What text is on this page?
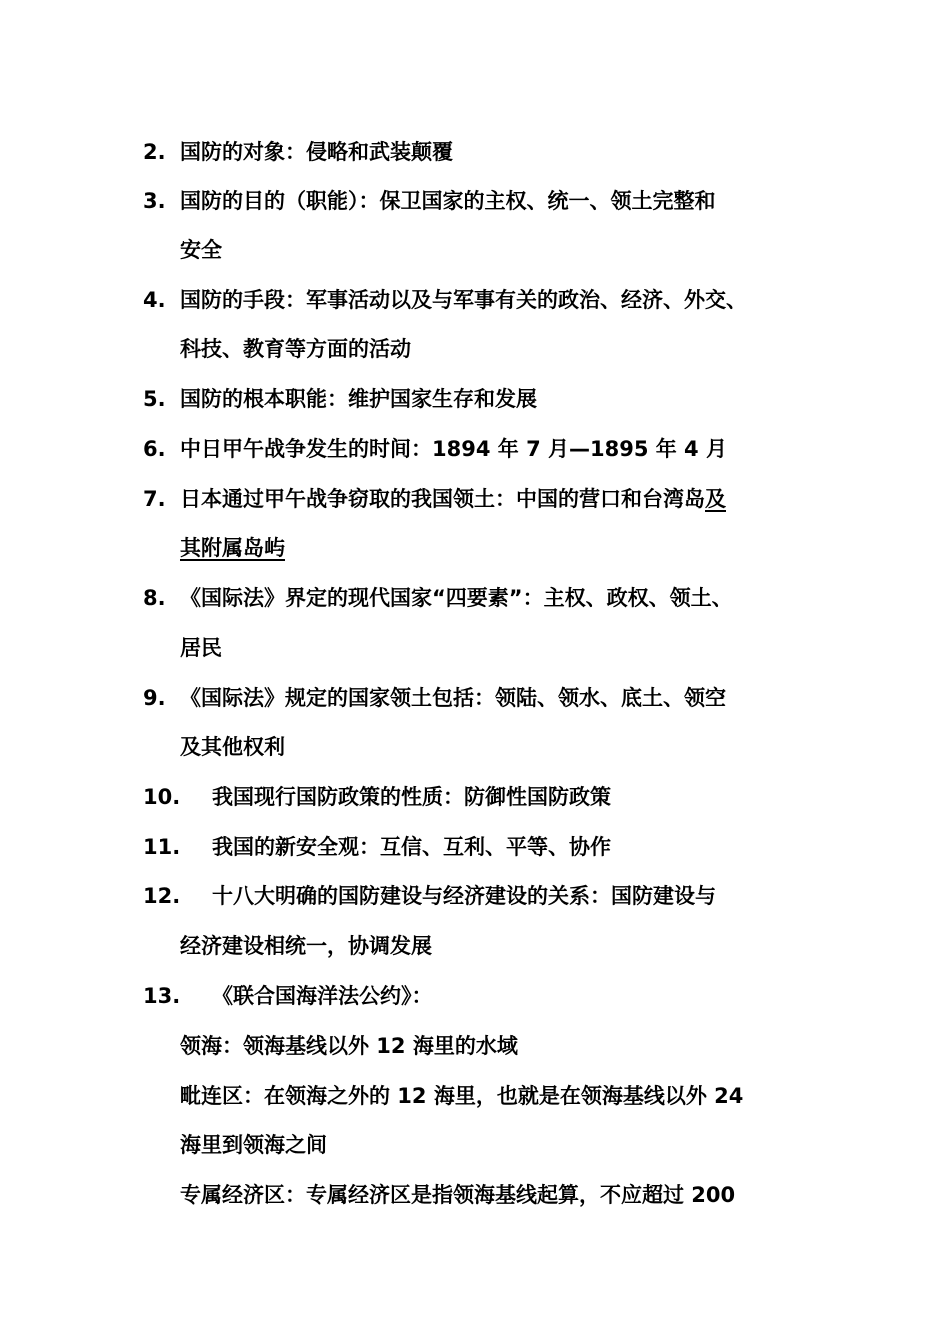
2. 国防的对象：侵略和武装颠覆
3. 国防的目的（职能）：保卫国家的主权、统一、领土完整和
安全
4. 国防的手段：军事活动以及与军事有关的政治、经济、外交、
科技、教育等方面的活动
5. 国防的根本职能：维护国家生存和发展
6. 中日甲午战争发生的时间：1894 年 7 月—1895 年 4 月
7. 日本通过甲午战争窃取的我国领土：中国的营口和台湾岛及
其附属岛屿
8. 《国际法》界定的现代国家“四要素”：主权、政权、领土、
居民
9. 《国际法》规定的国家领土包括：领陆、领水、底土、领空
及其他权利
10. 我国现行国防政策的性质：防御性国防政策
11. 我国的新安全观：互信、互利、平等、协作
12. 十八大明确的国防建设与经济建设的关系：国防建设与
经济建设相统一，协调发展
13. 《联合国海洋法公约》：
领海：领海基线以外 12 海里的水域
毗连区：在领海之外的 12 海里，也就是在领海基线以外 24
海里到领海之间
专属经济区：专属经济区是指领海基线起算，不应超过 200
